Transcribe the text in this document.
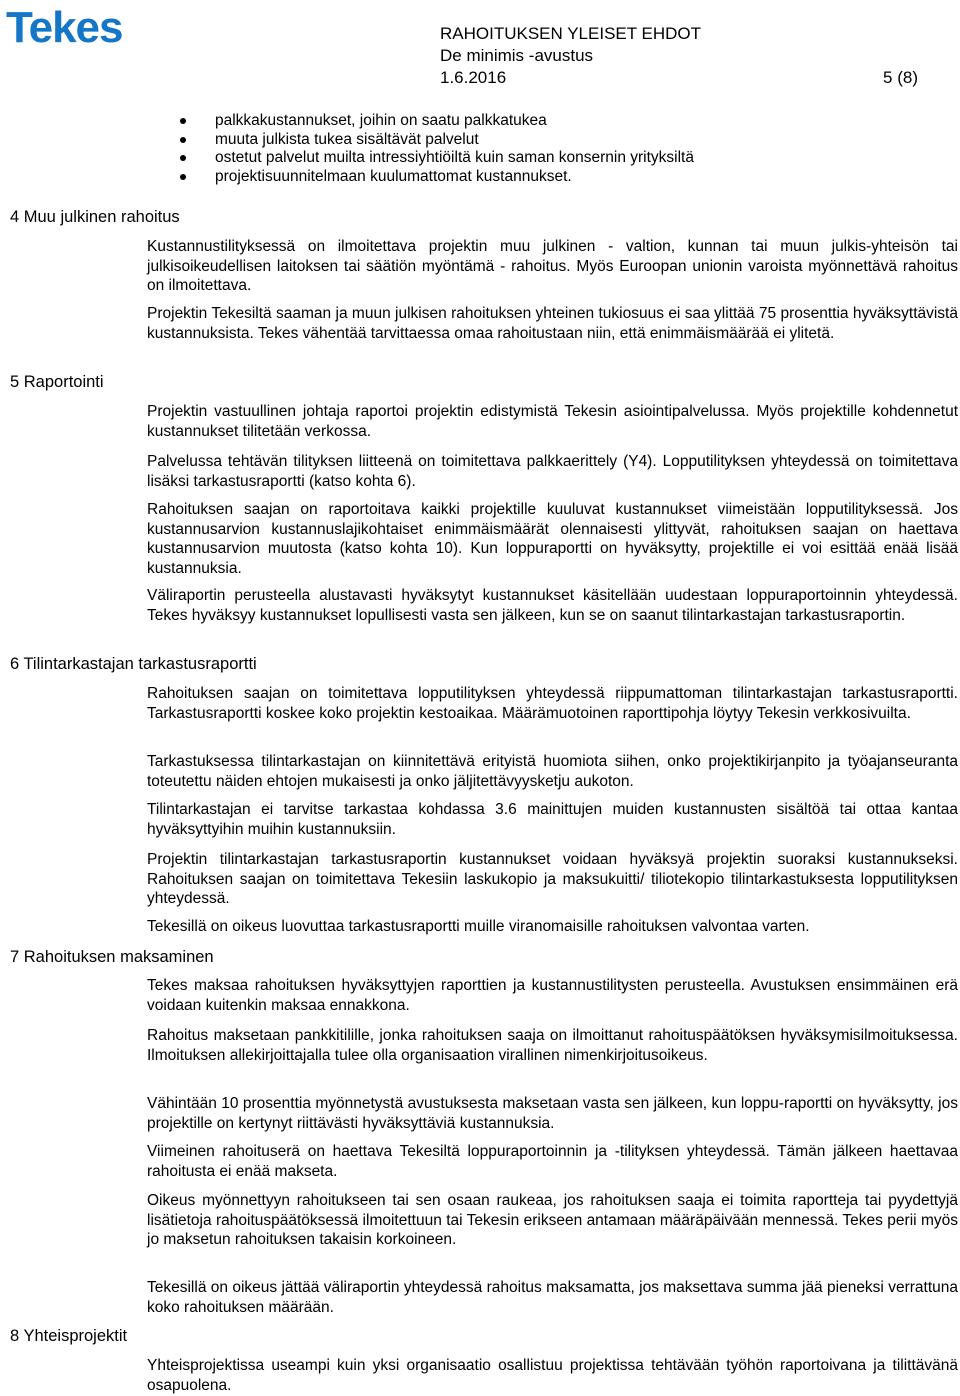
Tekes	RAHOITUKSEN YLEISET EHDOT
De minimis -avustus
1.6.2016	5 (8)
palkkakustannukset, joihin on saatu palkkatukea
muuta julkista tukea sisältävät palvelut
ostetut palvelut muilta intressiyhtiöiltä kuin saman konsernin yrityksiltä
projektisuunnitelmaan kuulumattomat kustannukset.
4 Muu julkinen rahoitus

Kustannustilityksessä on ilmoitettava projektin muu julkinen - valtion, kunnan tai muun julkis-yhteisön tai julkisoikeudellisen laitoksen tai säätiön myöntämä - rahoitus. Myös Euroopan unionin varoista myönnettävä rahoitus on ilmoitettava.

Projektin Tekesiltä saaman ja muun julkisen rahoituksen yhteinen tukiosuus ei saa ylittää 75 prosenttia hyväksyttävistä kustannuksista. Tekes vähentää tarvittaessa omaa rahoitustaan niin, että enimmäismäärää ei ylitetä.

5 Raportointi

Projektin vastuullinen johtaja raportoi projektin edistymistä Tekesin asiointipalvelussa. Myös projektille kohdennetut kustannukset tilitetään verkossa.

Palvelussa tehtävän tilityksen liitteenä on toimitettava palkkaerittely (Y4). Lopputilityksen yhteydessä on toimitettava lisäksi tarkastusraportti (katso kohta 6).

Rahoituksen saajan on raportoitava kaikki projektille kuuluvat kustannukset viimeistään lopputilityksessä. Jos kustannusarvion kustannuslajikohtaiset enimmäismäärät olennaisesti ylittyvät, rahoituksen saajan on haettava kustannusarvion muutosta (katso kohta 10). Kun loppuraportti on hyväksytty, projektille ei voi esittää enää lisää kustannuksia.

Väliraportin perusteella alustavasti hyväksytyt kustannukset käsitellään uudestaan loppuraportoinnin yhteydessä. Tekes hyväksyy kustannukset lopullisesti vasta sen jälkeen, kun se on saanut tilintarkastajan tarkastusraportin.

6 Tilintarkastajan tarkastusraportti

Rahoituksen saajan on toimitettava lopputilityksen yhteydessä riippumattoman tilintarkastajan tarkastusraportti. Tarkastusraportti koskee koko projektin kestoaikaa. Määrämuotoinen raporttipohja löytyy Tekesin verkkosivuilta.

Tarkastuksessa tilintarkastajan on kiinnitettävä erityistä huomiota siihen, onko projektikirjanpito ja työajanseuranta toteutettu näiden ehtojen mukaisesti ja onko jäljitettävyysketju aukoton.

Tilintarkastajan ei tarvitse tarkastaa kohdassa 3.6 mainittujen muiden kustannusten sisältöä tai ottaa kantaa hyväksyttyihin muihin kustannuksiin.

Projektin tilintarkastajan tarkastusraportin kustannukset voidaan hyväksyä projektin suoraksi kustannukseksi. Rahoituksen saajan on toimitettava Tekesiin laskukopio ja maksukuitti/ tiliotekopio tilintarkastuksesta lopputilityksen yhteydessä.

Tekesillä on oikeus luovuttaa tarkastusraportti muille viranomaisille rahoituksen valvontaa varten.

7 Rahoituksen maksaminen

Tekes maksaa rahoituksen hyväksyttyjen raporttien ja kustannustilitysten perusteella. Avustuksen ensimmäinen erä voidaan kuitenkin maksaa ennakkona.

Rahoitus maksetaan pankkitilille, jonka rahoituksen saaja on ilmoittanut rahoituspäätöksen hyväksymisilmoituksessa. Ilmoituksen allekirjoittajalla tulee olla organisaation virallinen nimenkirjoitusoikeus.

Vähintään 10 prosenttia myönnetystä avustuksesta maksetaan vasta sen jälkeen, kun loppu-raportti on hyväksytty, jos projektille on kertynyt riittävästi hyväksyttäviä kustannuksia.

Viimeinen rahoituserä on haettava Tekesiltä loppuraportoinnin ja -tilityksen yhteydessä. Tämän jälkeen haettavaa rahoitusta ei enää makseta.

Oikeus myönnettyyn rahoitukseen tai sen osaan raukeaa, jos rahoituksen saaja ei toimita raportteja tai pyydettyjä lisätietoja rahoituspäätöksessä ilmoitettuun tai Tekesin erikseen antamaan määräpäivään mennessä. Tekes perii myös jo maksetun rahoituksen takaisin korkoineen.

Tekesillä on oikeus jättää väliraportin yhteydessä rahoitus maksamatta, jos maksettava summa jää pieneksi verrattuna koko rahoituksen määrään.

8 Yhteisprojektit

Yhteisprojektissa useampi kuin yksi organisaatio osallistuu projektissa tehtävään työhön raportoivana ja tilittävänä osapuolena.
